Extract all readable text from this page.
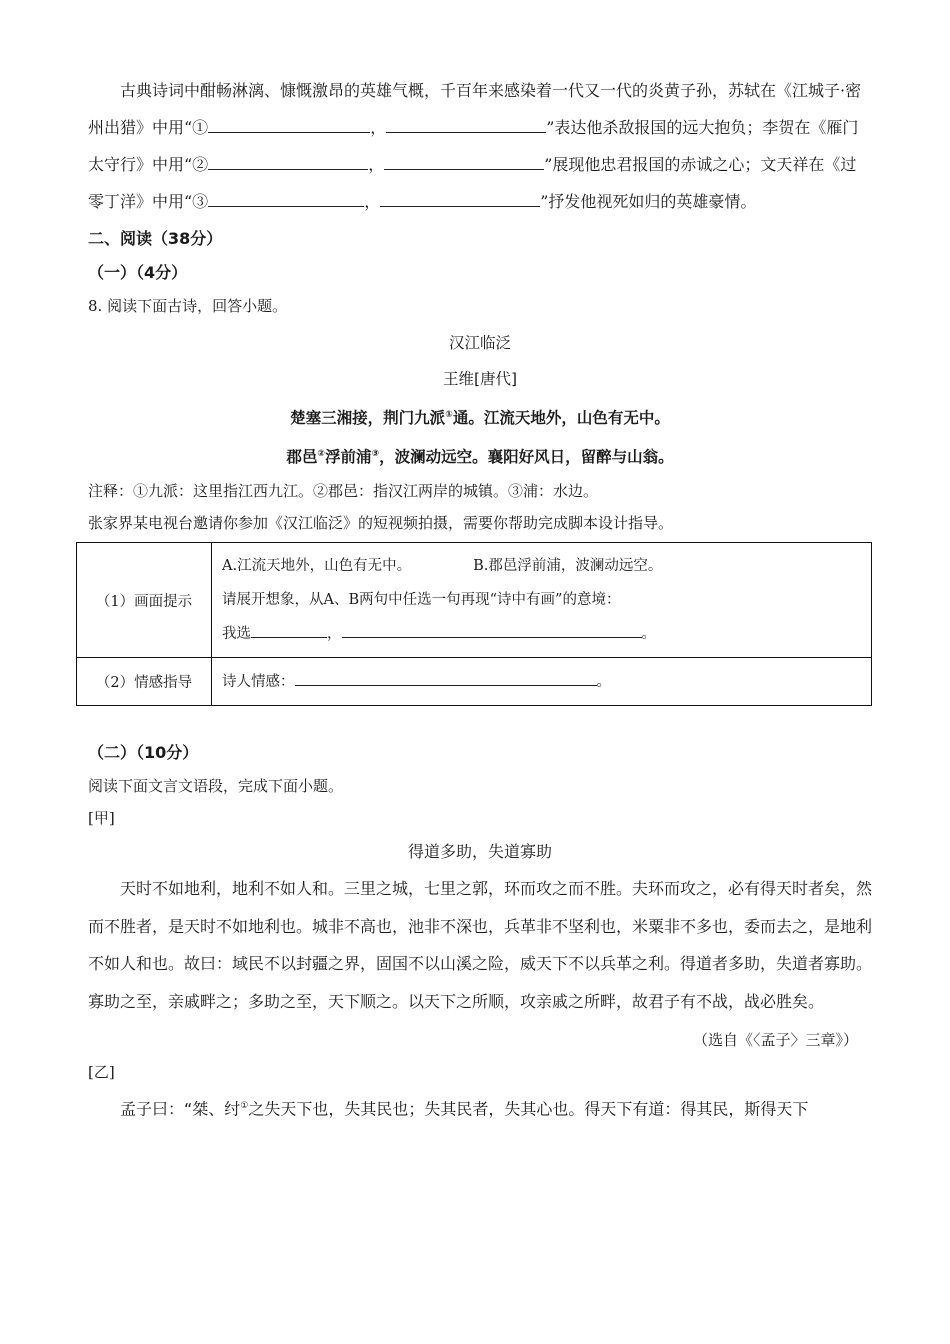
古典诗词中酣畅淋漓、慷慨激昂的英雄气概，千百年来感染着一代又一代的炎黄子孙，苏轼在《江城子·密州出猎》中用“①	，	”表达他杀敌报国的远大抱负；李贺在《雁门太守行》中用“②	，	”展现他忠君报国的赤诚之心；文天祥在《过零丁洋》中用“③	，	”抒发他视死如归的英雄豪情。

二、阅读（38分）

（一）（4分）

8. 阅读下面古诗，回答小题。

汉江临泛

王维[唐代]

楚塞三湘接，荆门九派①通。江流天地外，山色有无中。

郡邑②浮前浦③，波澜动远空。襄阳好风日，留醉与山翁。

注释：①九派：这里指江西九江。②郡邑：指汉江两岸的城镇。③浦：水边。

张家界某电视台邀请你参加《汉江临泛》的短视频拍摄，需要你帮助完成脚本设计指导。

（1）画面提示	A.江流天地外，山色有无中。 B.郡邑浮前浦，波澜动远空。
请展开想象，从A、B两句中任选一句再现“诗中有画”的意境：
我选 ， 。

（2）情感指导	诗人情感： 。

（二）（10分）

阅读下面文言文语段，完成下面小题。

[甲]

得道多助，失道寡助

天时不如地利，地利不如人和。三里之城，七里之郭，环而攻之而不胜。夫环而攻之，必有得天时者矣，然而不胜者，是天时不如地利也。城非不高也，池非不深也，兵革非不坚利也，米粟非不多也，委而去之，是地利不如人和也。故曰：域民不以封疆之界，固国不以山溪之险，威天下不以兵革之利。得道者多助，失道者寡助。寡助之至，亲戚畔之；多助之至，天下顺之。以天下之所顺，攻亲戚之所畔，故君子有不战，战必胜矣。

（选自《〈孟子〉三章》）

[乙]

孟子曰：“桀、纣①之失天下也，失其民也；失其民者，失其心也。得天下有道：得其民，斯得天下
